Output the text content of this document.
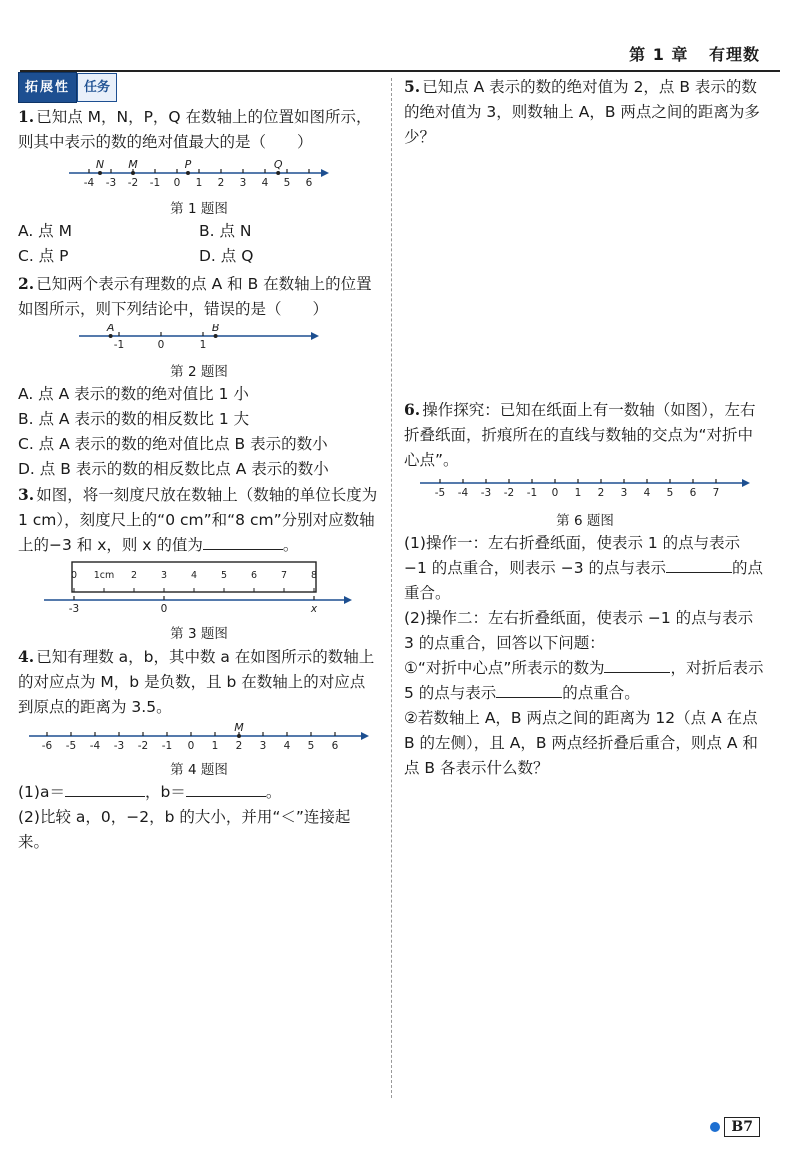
第 1 章 有理数
拓展性	任务
1. 已知点 M，N，P，Q 在数轴上的位置如图所示，则其中表示的数的绝对值最大的是（　　）
-4 -3 -2 -1 0 1 2 3 4 5 6
N M	P	Q
第 1 题图
A. 点 M	B. 点 N
C. 点 P	D. 点 Q
2. 已知两个表示有理数的点 A 和 B 在数轴上的位置如图所示，则下列结论中，错误的是（　　）
-1	0	1
A	B
第 2 题图
A. 点 A 表示的数的绝对值比 1 小
B. 点 A 表示的数的相反数比 1 大
C. 点 A 表示的数的绝对值比点 B 表示的数小
D. 点 B 表示的数的相反数比点 A 表示的数小
3. 如图，将一刻度尺放在数轴上（数轴的单位长度为 1 cm），刻度尺上的“0 cm”和“8 cm”分别对应数轴上的−3 和 x，则 x 的值为	。
0 1cm 2	3	4	5	6	7	8
-3	0	x
第 3 题图
4. 已知有理数 a，b，其中数 a 在如图所示的数轴上的对应点为 M，b 是负数，且 b 在数轴上的对应点到原点的距离为 3.5。
-6 -5 -4 -3 -2 -1 0 1 2 3 4 5 6
M
第 4 题图
(1)a＝	，b＝	。
(2)比较 a，0，−2，b 的大小，并用“＜”连接起来。
5. 已知点 A 表示的数的绝对值为 2，点 B 表示的数的绝对值为 3，则数轴上 A，B 两点之间的距离为多少？
6. 操作探究：已知在纸面上有一数轴（如图），左右折叠纸面，折痕所在的直线与数轴的交点为“对折中心点”。
-5 -4 -3 -2 -1 0 1 2 3 4 5 6 7
第 6 题图
(1)操作一：左右折叠纸面，使表示 1 的点与表示 −1 的点重合，则表示 −3 的点与表示	的点重合。
(2)操作二：左右折叠纸面，使表示 −1 的点与表示 3 的点重合，回答以下问题：
①“对折中心点”所表示的数为	，对折后表示 5 的点与表示	的点重合。
②若数轴上 A，B 两点之间的距离为 12（点 A 在点 B 的左侧），且 A，B 两点经折叠后重合，则点 A 和点 B 各表示什么数？
B7
